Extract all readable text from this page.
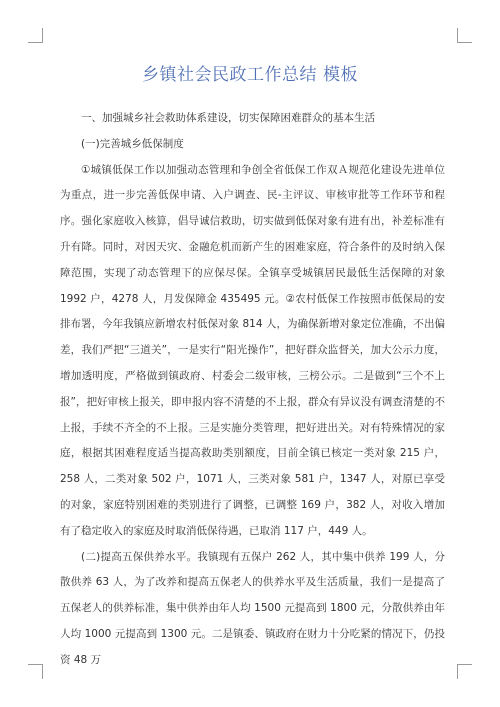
乡镇社会民政工作总结 模板

一、加强城乡社会救助体系建设，切实保障困难群众的基本生活

(一)完善城乡低保制度

①城镇低保工作以加强动态管理和争创全省低保工作双Ａ规范化建设先进单位为重点，进一步完善低保申请、入户调查、民-主评议、审核审批等工作环节和程序。强化家庭收入核算，倡导诚信救助，切实做到低保对象有进有出，补差标准有升有降。同时，对因天灾、金融危机而新产生的困难家庭，符合条件的及时纳入保障范围，实现了动态管理下的应保尽保。全镇享受城镇居民最低生活保障的对象 1992 户，4278 人，月发保障金 435495 元。②农村低保工作按照市低保局的安排布署，今年我镇应新增农村低保对象 814 人，为确保新增对象定位准确，不出偏差，我们严把“三道关”，一是实行“阳光操作”，把好群众监督关，加大公示力度，增加透明度，严格做到镇政府、村委会二级审核，三榜公示。二是做到“三个不上报”，把好审核上报关，即申报内容不清楚的不上报，群众有异议没有调查清楚的不上报，手续不齐全的不上报。三是实施分类管理，把好进出关。对有特殊情况的家庭，根据其困难程度适当提高救助类别额度，目前全镇已核定一类对象 215 户，258 人，二类对象 502 户，1071 人，三类对象 581 户，1347 人，对原已享受的对象，家庭特别困难的类别进行了调整，已调整 169 户，382 人，对收入增加有了稳定收入的家庭及时取消低保待遇，已取消 117 户，449 人。

(二)提高五保供养水平。我镇现有五保户 262 人，其中集中供养 199 人，分散供养 63 人，为了改养和提高五保老人的供养水平及生活质量，我们一是提高了五保老人的供养标准，集中供养由年人均 1500 元提高到 1800 元，分散供养由年人均 1000 元提高到 1300 元。二是镇委、镇政府在财力十分吃紧的情况下，仍投资 48 万
